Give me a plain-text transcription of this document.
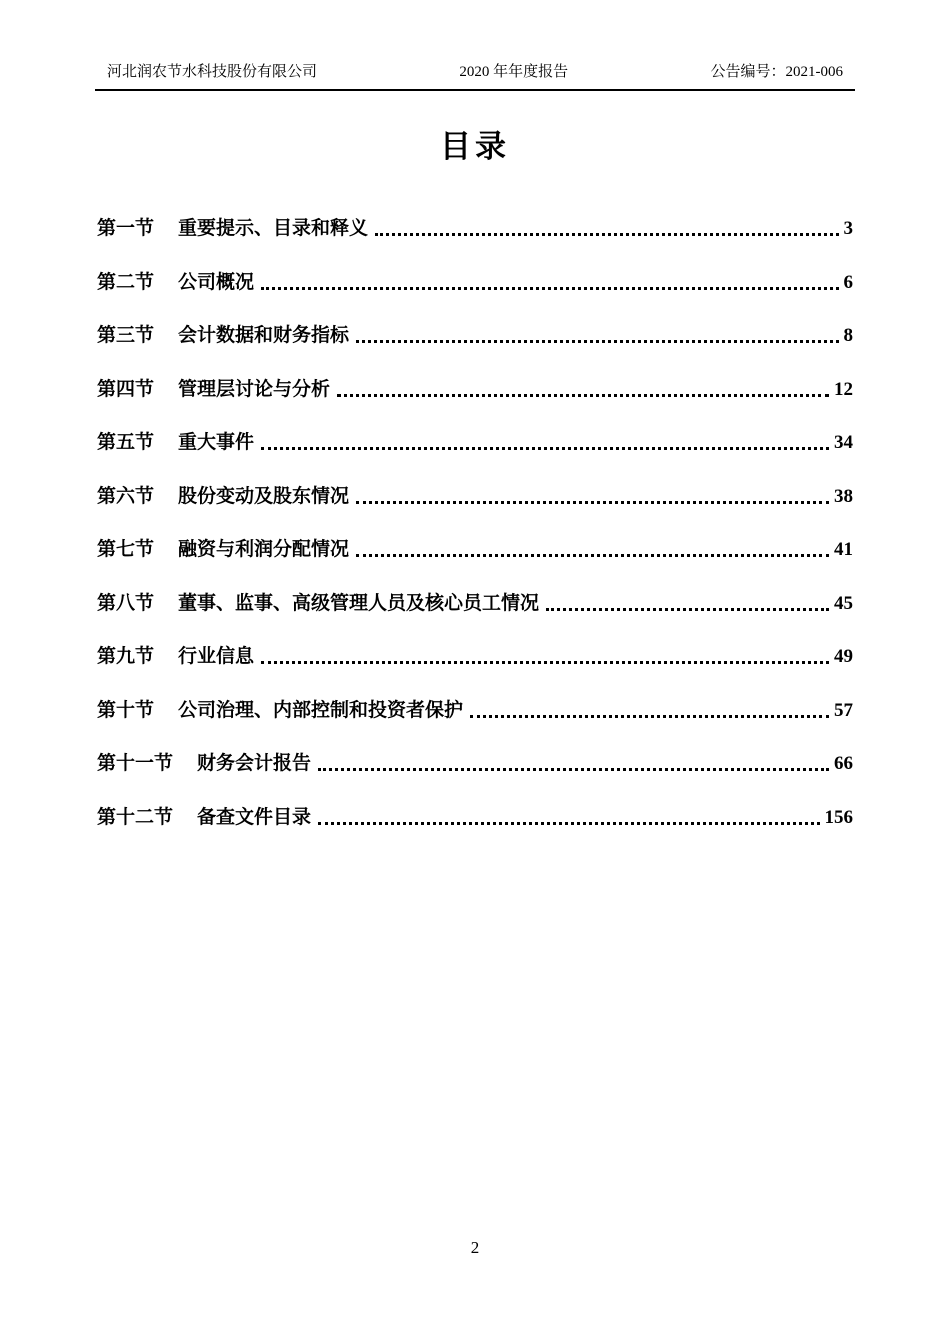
河北润农节水科技股份有限公司	2020 年年度报告	公告编号：2021-006
目录
第一节 重要提示、目录和释义	3
第二节 公司概况	6
第三节 会计数据和财务指标	8
第四节 管理层讨论与分析	12
第五节 重大事件	34
第六节 股份变动及股东情况	38
第七节 融资与利润分配情况	41
第八节 董事、监事、高级管理人员及核心员工情况	45
第九节 行业信息	49
第十节 公司治理、内部控制和投资者保护	57
第十一节 财务会计报告	66
第十二节 备查文件目录	156
2
